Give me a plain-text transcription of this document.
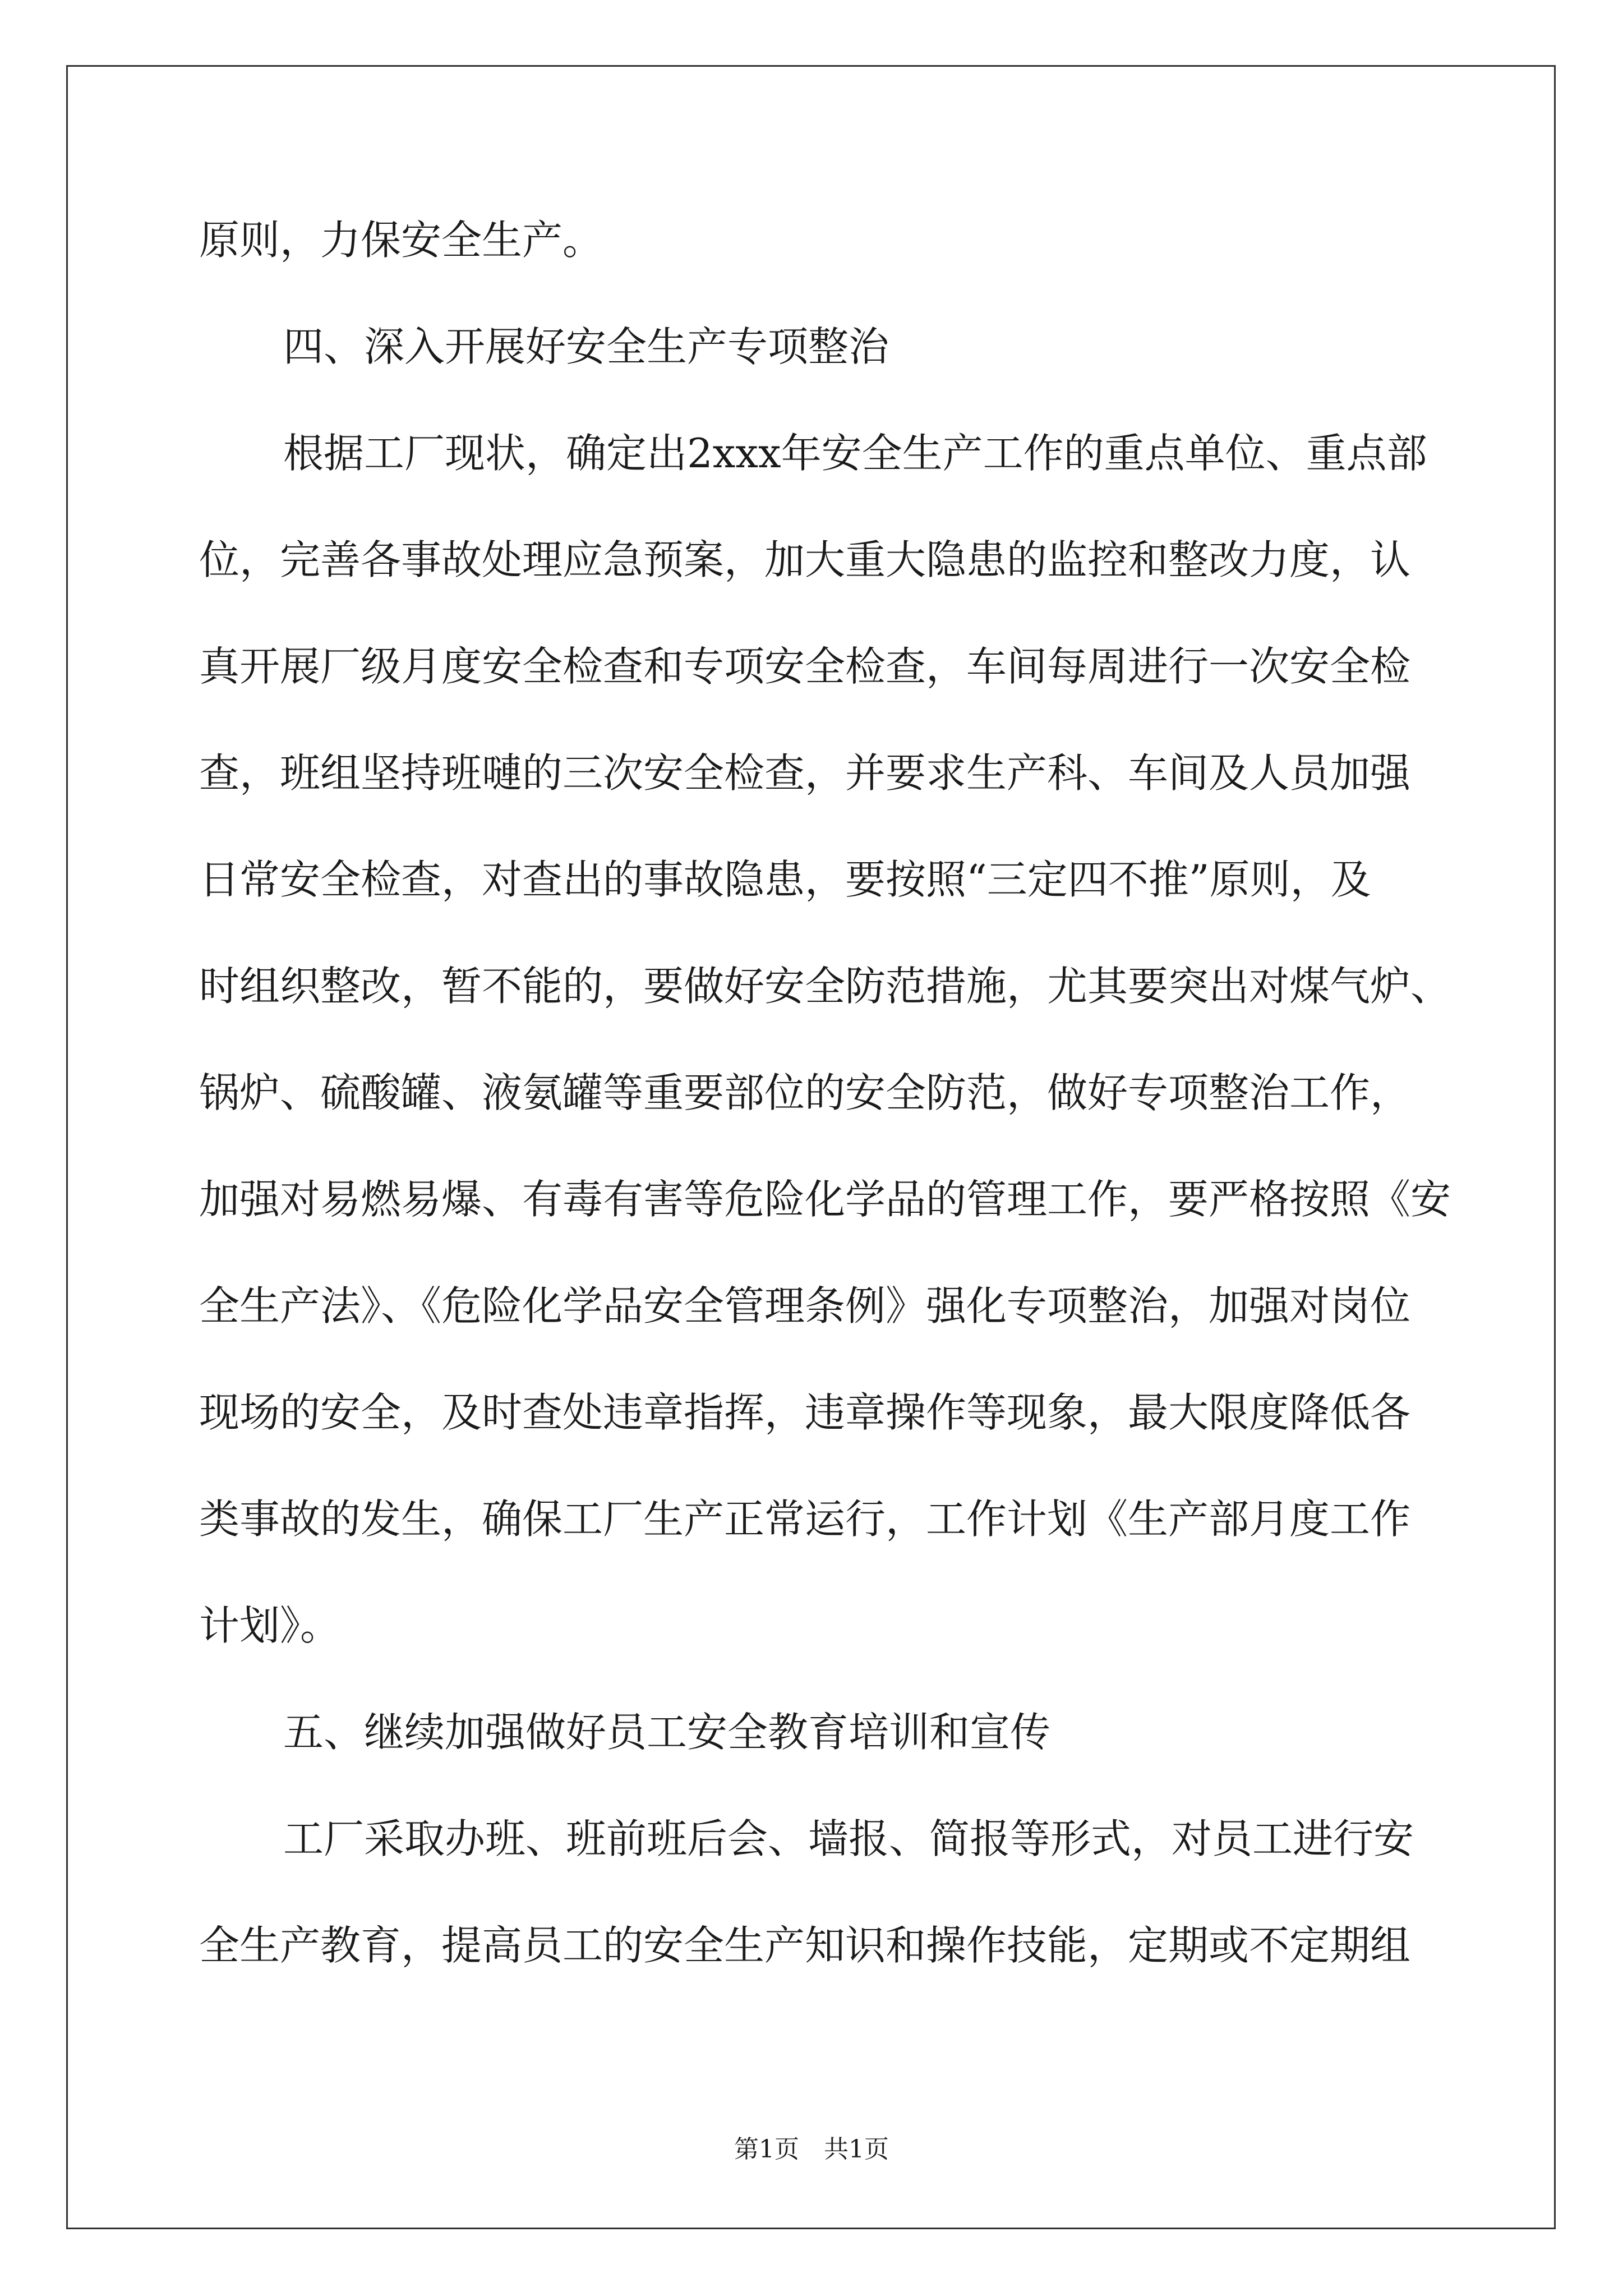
原则，力保安全生产。
四、深入开展好安全生产专项整治
根据工厂现状，确定出2xxx年安全生产工作的重点单位、重点部
位，完善各事故处理应急预案，加大重大隐患的监控和整改力度，认
真开展厂级月度安全检查和专项安全检查，车间每周进行一次安全检
查，班组坚持班嗹的三次安全检查，并要求生产科、车间及人员加强
日常安全检查，对查出的事故隐患，要按照“三定四不推”原则，及
时组织整改，暂不能的，要做好安全防范措施，尤其要突出对煤气炉、
锅炉、硫酸罐、液氨罐等重要部位的安全防范，做好专项整治工作，
加强对易燃易爆、有毒有害等危险化学品的管理工作，要严格按照《安
全生产法》、《危险化学品安全管理条例》强化专项整治，加强对岗位
现场的安全，及时查处违章指挥，违章操作等现象，最大限度降低各
类事故的发生，确保工厂生产正常运行，工作计划《生产部月度工作
计划》。
五、继续加强做好员工安全教育培训和宣传
工厂采取办班、班前班后会、墙报、简报等形式，对员工进行安
全生产教育，提高员工的安全生产知识和操作技能，定期或不定期组
第1页　共1页
